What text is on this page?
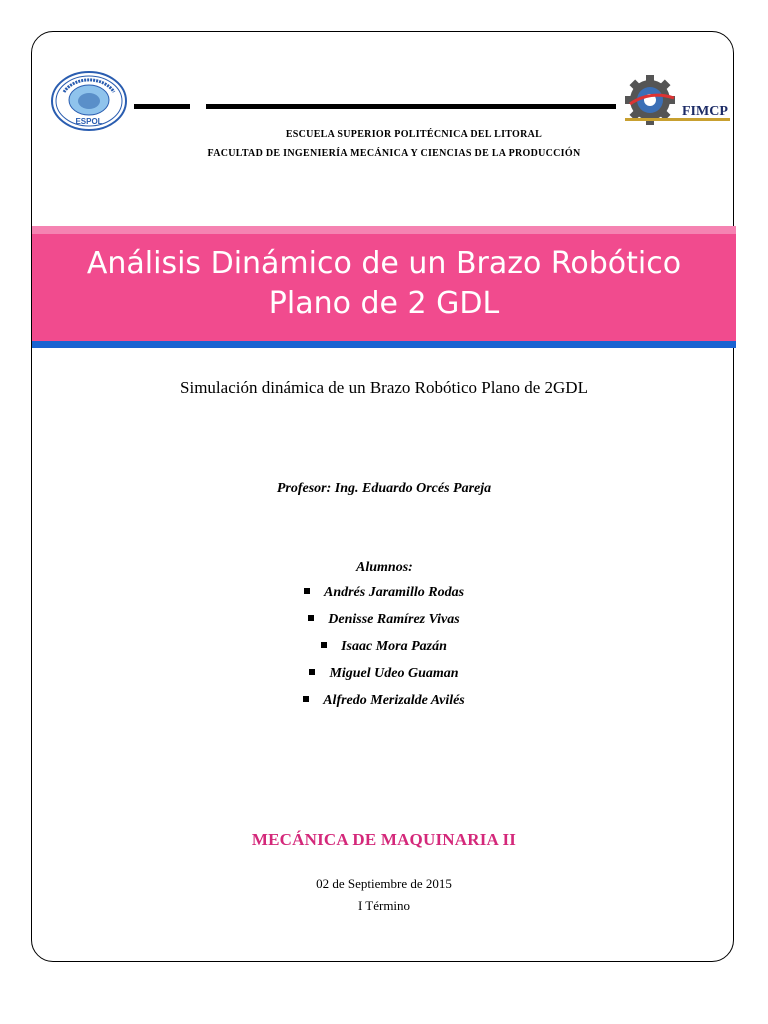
ESPOL
FIMCP
ESCUELA SUPERIOR POLITÉCNICA DEL LITORAL
FACULTAD DE INGENIERÍA MECÁNICA Y CIENCIAS DE LA PRODUCCIÓN
Análisis Dinámico de un Brazo Robótico
Plano de 2 GDL
Simulación dinámica de un Brazo Robótico Plano de 2GDL
Profesor: Ing. Eduardo Orcés Pareja
Alumnos:
Andrés Jaramillo Rodas
Denisse Ramírez Vivas
Isaac Mora Pazán
Miguel Udeo Guaman
Alfredo Merizalde Avilés
MECÁNICA DE MAQUINARIA II
02 de Septiembre de 2015
I Término
